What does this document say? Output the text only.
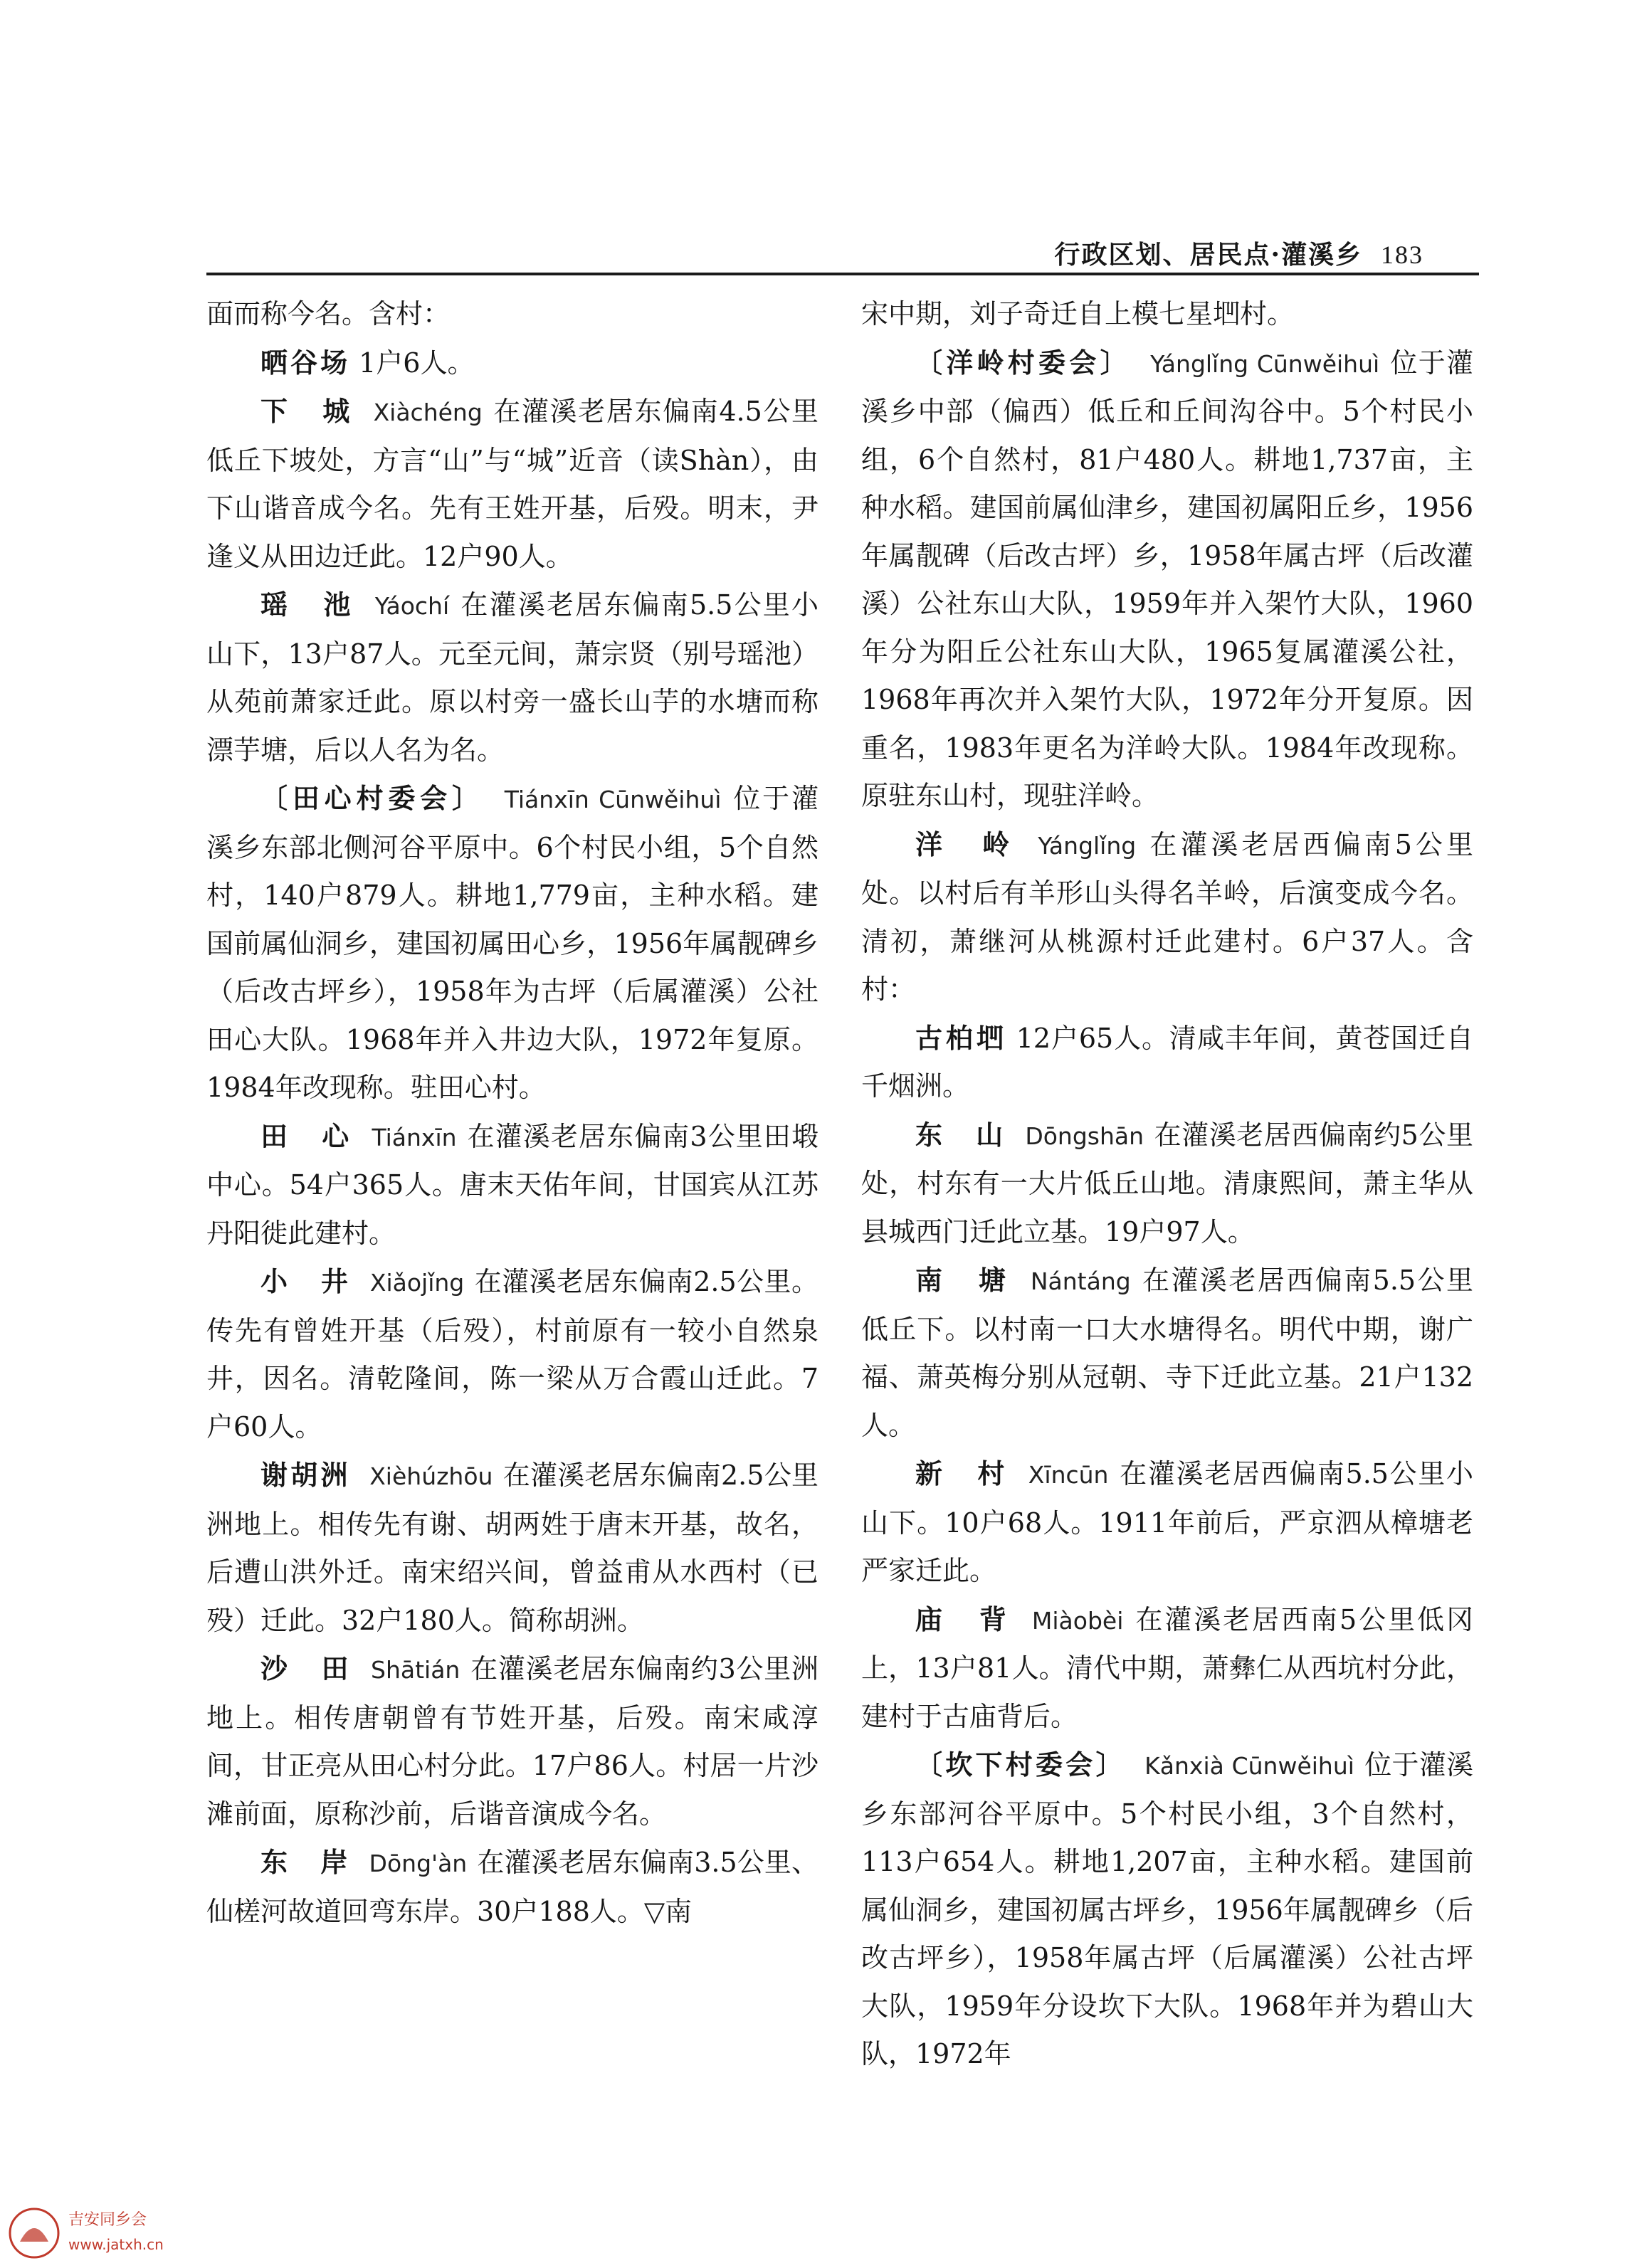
行政区划、居民点·灌溪乡 183

面而称今名。含村：

晒谷场 1户6人。

下　城 Xiàchéng 在灌溪老居东偏南4.5公里低丘下坡处，方言“山”与“城”近音（读Shàn），由下山谐音成今名。先有王姓开基，后殁。明末，尹逢义从田边迁此。12户90人。

瑶　池 Yáochí 在灌溪老居东偏南5.5公里小山下，13户87人。元至元间，萧宗贤（别号瑶池）从苑前萧家迁此。原以村旁一盛长山芋的水塘而称漂芋塘，后以人名为名。

〔田心村委会〕 Tiánxīn Cūnwěihuì 位于灌溪乡东部北侧河谷平原中。6个村民小组，5个自然村，140户879人。耕地1,779亩，主种水稻。建国前属仙洞乡，建国初属田心乡，1956年属靓碑乡（后改古坪乡），1958年为古坪（后属灌溪）公社田心大队。1968年并入井边大队，1972年复原。1984年改现称。驻田心村。

田　心 Tiánxīn 在灌溪老居东偏南3公里田塅中心。54户365人。唐末天佑年间，甘国宾从江苏丹阳徙此建村。

小　井 Xiǎojǐng 在灌溪老居东偏南2.5公里。传先有曾姓开基（后殁），村前原有一较小自然泉井，因名。清乾隆间，陈一梁从万合霞山迁此。7户60人。

谢胡洲 Xièhúzhōu 在灌溪老居东偏南2.5公里洲地上。相传先有谢、胡两姓于唐末开基，故名，后遭山洪外迁。南宋绍兴间，曾益甫从水西村（已殁）迁此。32户180人。简称胡洲。

沙　田 Shātián 在灌溪老居东偏南约3公里洲地上。相传唐朝曾有节姓开基，后殁。南宋咸淳间，甘正亮从田心村分此。17户86人。村居一片沙滩前面，原称沙前，后谐音演成今名。

东　岸 Dōng'àn 在灌溪老居东偏南3.5公里、仙槎河故道回弯东岸。30户188人。▽南

宋中期，刘子奇迁自上模七星垇村。

〔洋岭村委会〕 Yánglǐng Cūnwěihuì 位于灌溪乡中部（偏西）低丘和丘间沟谷中。5个村民小组，6个自然村，81户480人。耕地1,737亩，主种水稻。建国前属仙津乡，建国初属阳丘乡，1956年属靓碑（后改古坪）乡，1958年属古坪（后改灌溪）公社东山大队，1959年并入架竹大队，1960年分为阳丘公社东山大队，1965复属灌溪公社，1968年再次并入架竹大队，1972年分开复原。因重名，1983年更名为洋岭大队。1984年改现称。原驻东山村，现驻洋岭。

洋　岭 Yánglǐng 在灌溪老居西偏南5公里处。以村后有羊形山头得名羊岭，后演变成今名。清初，萧继河从桃源村迁此建村。6户37人。含村：

古柏垇 12户65人。清咸丰年间，黄苍国迁自千烟洲。

东　山 Dōngshān 在灌溪老居西偏南约5公里处，村东有一大片低丘山地。清康熙间，萧主华从县城西门迁此立基。19户97人。

南　塘 Nántáng 在灌溪老居西偏南5.5公里低丘下。以村南一口大水塘得名。明代中期，谢广福、萧英梅分别从冠朝、寺下迁此立基。21户132人。

新　村 Xīncūn 在灌溪老居西偏南5.5公里小山下。10户68人。1911年前后，严京泗从樟塘老严家迁此。

庙　背 Miàobèi 在灌溪老居西南5公里低冈上，13户81人。清代中期，萧彝仁从西坑村分此，建村于古庙背后。

〔坎下村委会〕 Kǎnxià Cūnwěihuì 位于灌溪乡东部河谷平原中。5个村民小组，3个自然村，113户654人。耕地1,207亩，主种水稻。建国前属仙洞乡，建国初属古坪乡，1956年属靓碑乡（后改古坪乡），1958年属古坪（后属灌溪）公社古坪大队，1959年分设坎下大队。1968年并为碧山大队，1972年

吉安同乡会
www.jatxh.cn
